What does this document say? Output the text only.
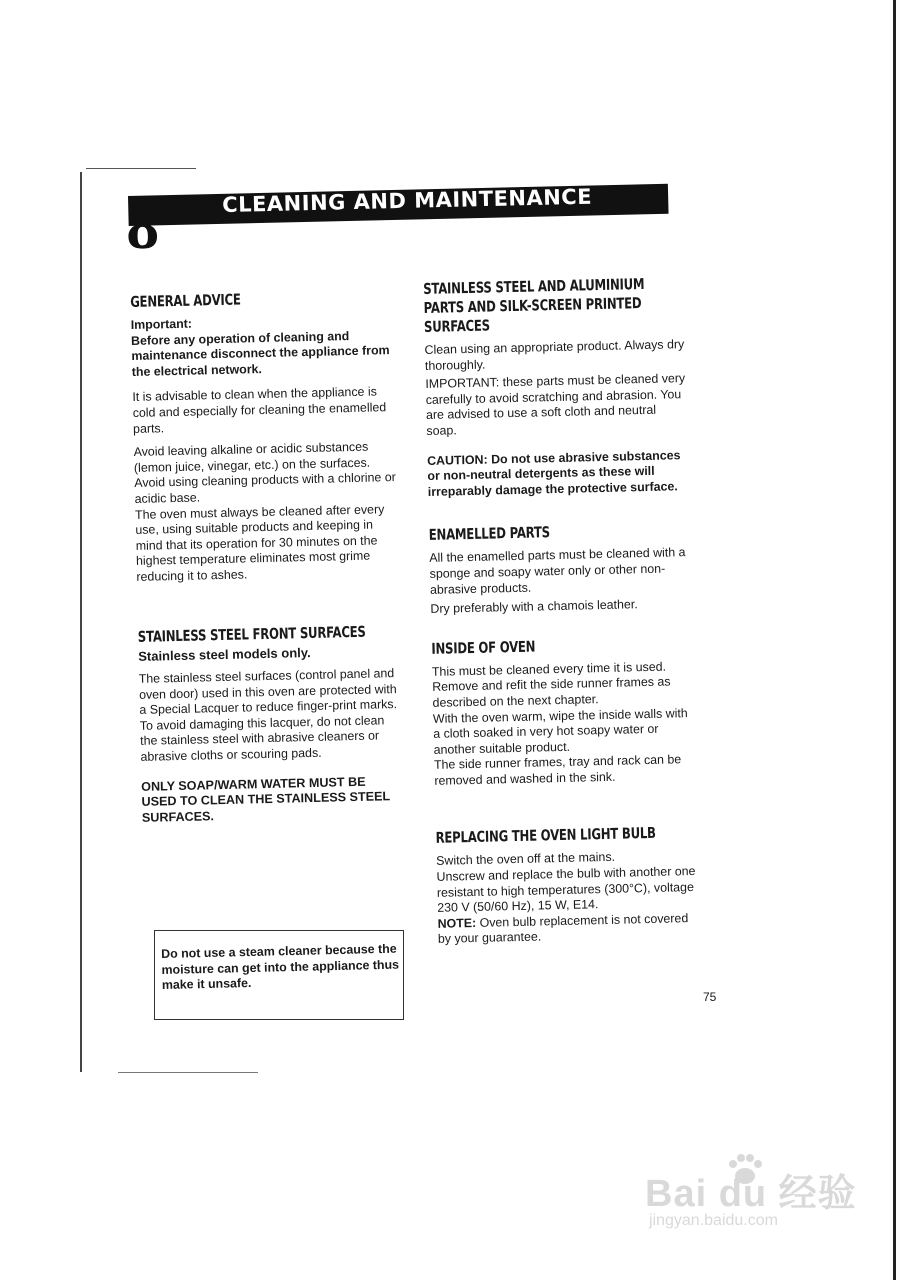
CLEANING AND MAINTENANCE
8
GENERAL ADVICE

Important:

Before any operation of cleaning and maintenance disconnect the appliance from the electrical network.

It is advisable to clean when the appliance is cold and especially for cleaning the enamelled parts.

Avoid leaving alkaline or acidic substances (lemon juice, vinegar, etc.) on the surfaces.

Avoid using cleaning products with a chlorine or acidic base.

The oven must always be cleaned after every use, using suitable products and keeping in mind that its operation for 30 minutes on the highest temperature eliminates most grime reducing it to ashes.

STAINLESS STEEL FRONT SURFACES

Stainless steel models only.

The stainless steel surfaces (control panel and oven door) used in this oven are protected with a Special Lacquer to reduce finger-print marks.

To avoid damaging this lacquer, do not clean the stainless steel with abrasive cleaners or abrasive cloths or scouring pads.

ONLY SOAP/WARM WATER MUST BE USED TO CLEAN THE STAINLESS STEEL SURFACES.

Do not use a steam cleaner because the moisture can get into the appliance thus make it unsafe.

STAINLESS STEEL AND ALUMINIUM PARTS AND SILK-SCREEN PRINTED SURFACES

Clean using an appropriate product. Always dry thoroughly.

IMPORTANT: these parts must be cleaned very carefully to avoid scratching and abrasion. You are advised to use a soft cloth and neutral soap.

CAUTION: Do not use abrasive substances or non-neutral detergents as these will irreparably damage the protective surface.

ENAMELLED PARTS

All the enamelled parts must be cleaned with a sponge and soapy water only or other non-abrasive products.

Dry preferably with a chamois leather.

INSIDE OF OVEN

This must be cleaned every time it is used.

Remove and refit the side runner frames as described on the next chapter.

With the oven warm, wipe the inside walls with a cloth soaked in very hot soapy water or another suitable product.

The side runner frames, tray and rack can be removed and washed in the sink.

REPLACING THE OVEN LIGHT BULB

Switch the oven off at the mains.

Unscrew and replace the bulb with another one resistant to high temperatures (300°C), voltage 230 V (50/60 Hz), 15 W, E14.

NOTE: Oven bulb replacement is not covered by your guarantee.

75
Bai du 经验
jingyan.baidu.com
